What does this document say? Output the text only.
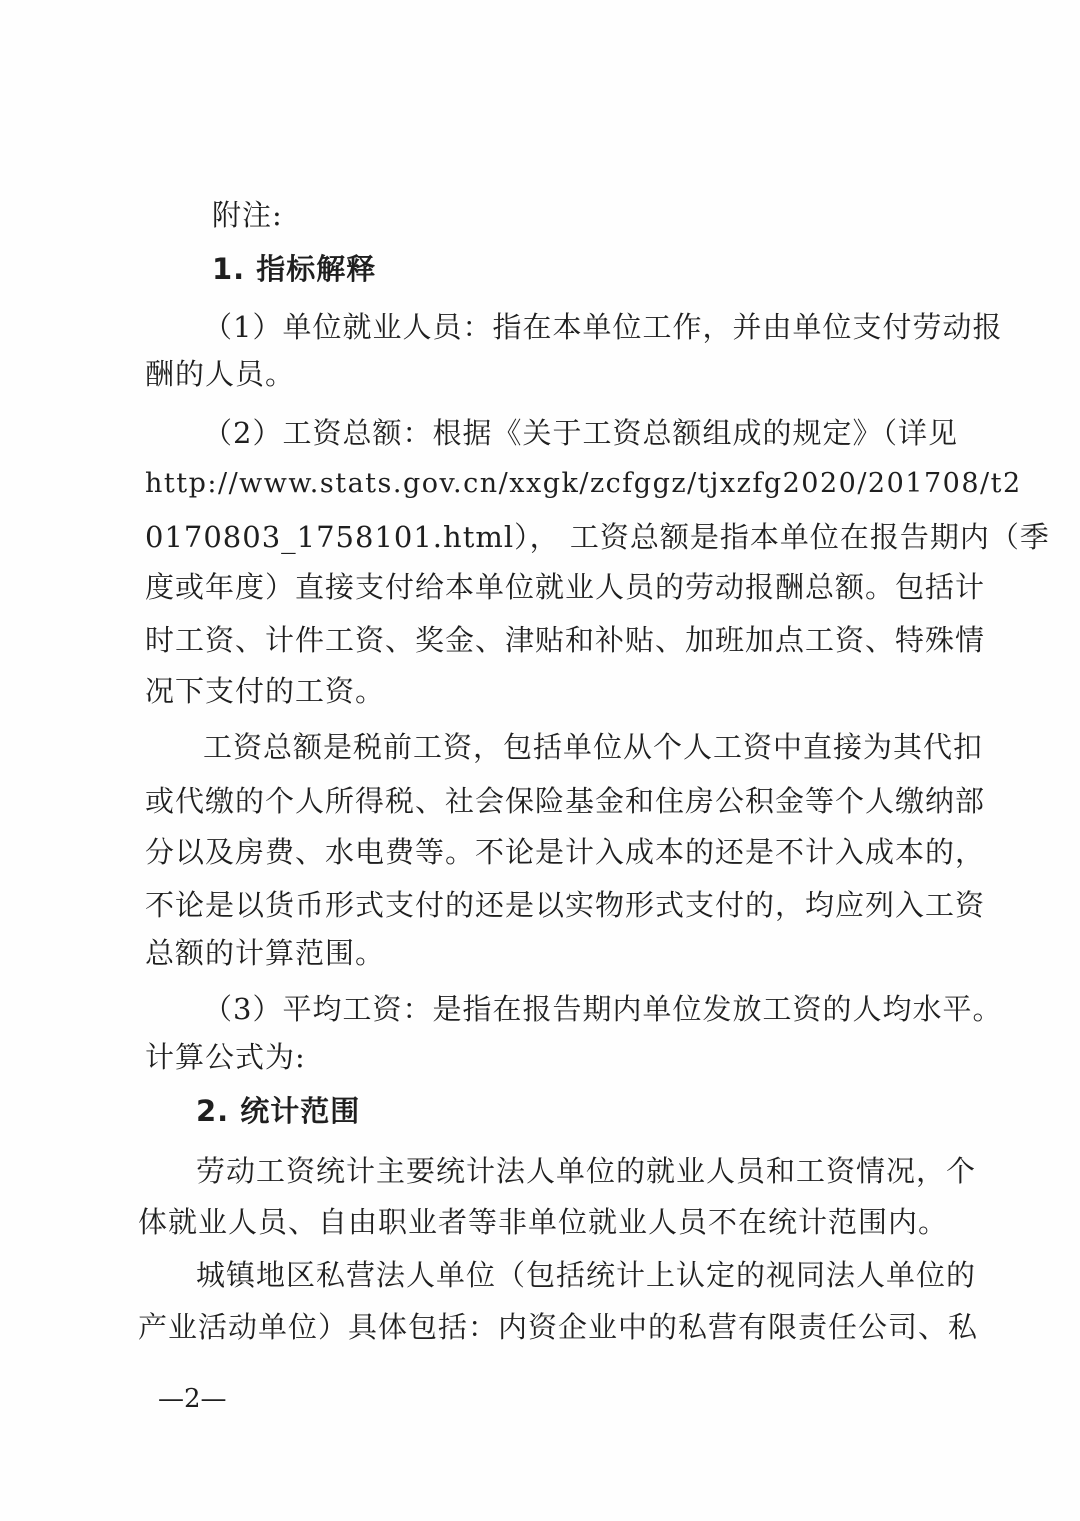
附注:
1. 指标解释
（1）单位就业人员：指在本单位工作，并由单位支付劳动报
酬的人员。
（2）工资总额：根据《关于工资总额组成的规定》（详见
http://www.stats.gov.cn/xxgk/zcfggz/tjxzfg2020/201708/t2
0170803_1758101.html）， 工资总额是指本单位在报告期内（季
度或年度）直接支付给本单位就业人员的劳动报酬总额。包括计
时工资、计件工资、奖金、津贴和补贴、加班加点工资、特殊情
况下支付的工资。
工资总额是税前工资，包括单位从个人工资中直接为其代扣
或代缴的个人所得税、社会保险基金和住房公积金等个人缴纳部
分以及房费、水电费等。不论是计入成本的还是不计入成本的，
不论是以货币形式支付的还是以实物形式支付的，均应列入工资
总额的计算范围。
（3）平均工资：是指在报告期内单位发放工资的人均水平。
计算公式为:
2. 统计范围
劳动工资统计主要统计法人单位的就业人员和工资情况，个
体就业人员、自由职业者等非单位就业人员不在统计范围内。
城镇地区私营法人单位（包括统计上认定的视同法人单位的
产业活动单位）具体包括：内资企业中的私营有限责任公司、私
—2—
